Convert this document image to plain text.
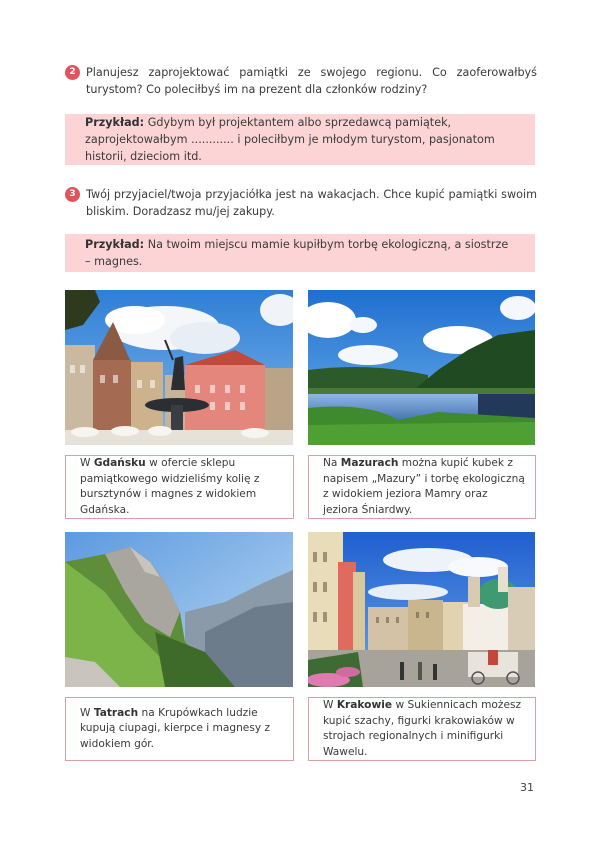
2 Planujesz zaprojektować pamiątki ze swojego regionu. Co zaoferowałbyś turystom? Co poleciłbyś im na prezent dla członków rodziny?
Przykład: Gdybym był projektantem albo sprzedawcą pamiątek, zaprojektowałbym ............ i poleciłbym je młodym turystom, pasjonatom historii, dzieciom itd.
3 Twój przyjaciel/twoja przyjaciółka jest na wakacjach. Chce kupić pamiątki swoim bliskim. Doradzasz mu/jej zakupy.
Przykład: Na twoim miejscu mamie kupiłbym torbę ekologiczną, a siostrze – magnes.
W Gdańsku w ofercie sklepu pamiątkowego widzieliśmy kolię z bursztynów i magnes z widokiem Gdańska.
Na Mazurach można kupić kubek z napisem „Mazury” i torbę ekologiczną z widokiem jeziora Mamry oraz jeziora Śniardwy.
W Tatrach na Krupówkach ludzie kupują ciupagi, kierpce i magnesy z widokiem gór.
W Krakowie w Sukiennicach możesz kupić szachy, figurki krakowiaków w strojach regionalnych i minifigurki Wawelu.
31
